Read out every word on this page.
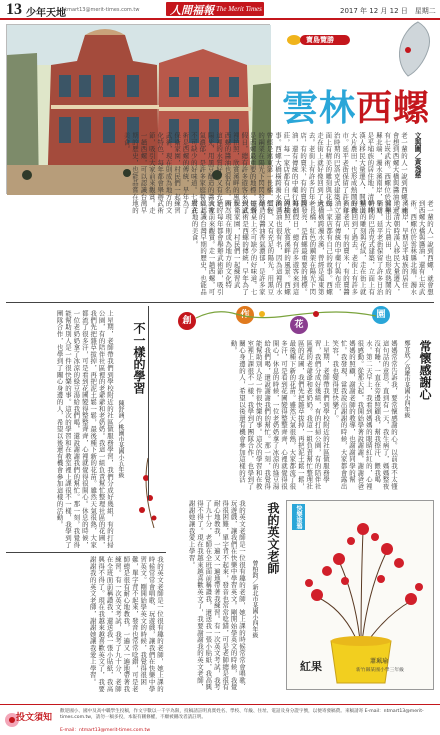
13 少年天地
ntmart13@merit-times.com.tw	人間福報 The Merit Times	2017 年 12 月 12 日　星期二
寶島覽勝
雲林西螺
文與圖／黃逸慈
老一輩的人一說到西螺，就會想到西螺大橋與醬油，還有七崁武術。西螺位於雲林縣北端，濁水溪南岸，早期是平埔族的居住地，清朝時漢人移民大量遷入，開墾出大片農田，也形成熱鬧的街市。延平老街保留了許多日治時期的巴洛克式建築，立面上有精美的雕刻與花紋，走在街上就好像回到了過去。老街上有許多百年老店，有的賣米，有的賣醬油，還有傳統的中藥行與布莊，每一家店都有自己的故事。西螺大橋橫跨濁水溪，曾經是遠東第一長橋，紅色的鋼架在陽光下閃閃發亮，是西螺最重要的地標。每到假日，總有許多遊客來到這裡拍照，欣賞溪畔的風景。西螺的醬油也很有名，因為這裡的水質好，又有充足的陽光，用黑豆釀造的醬油香氣濃郁，是許多家庭餐桌上不可缺少的好味道。七崁武術是西螺的傳統，早年為了保衛家園，村民們一起練習武術，現在則成為地方的文化特色，每年都會舉辦武術節，吸引大家前來觀賞。走一趟西螺，可以認識台灣早期的歷史，也能品嘗在地的美食。
老一輩的人一說到西螺，就會想到西螺大橋與醬油，還有七崁武術。西螺位於雲林縣北端，濁水溪南岸，早期是平埔族的居住地，清朝時漢人移民大量遷入，開墾出大片農田，也形成熱鬧的街市。延平老街保留了許多日治時期的巴洛克式建築，立面上有精美的雕刻與花紋，走在街上就好像回到了過去。老街上有許多百年老店，有的賣米，有的賣醬油，還有傳統的中藥行與布莊，每一家店都有自己的故事。西螺大橋橫跨濁水溪，曾經是遠東第一長橋，紅色的鋼架在陽光下閃閃發亮，是西螺最重要的地標。每到假日，總有許多遊客來到這裡拍照，欣賞溪畔的風景。西螺的醬油也很有名，因為這裡的水質好，又有充足的陽光，用黑豆釀造的醬油香氣濃郁，是許多家庭餐桌上不可缺少的好味道。七崁武術是西螺的傳統，早年為了保衛家園，村民們一起練習武術，現在則成為地方的文化特色，每年都會舉辦武術節，吸引大家前來觀賞。走一趟西螺，可以認識台灣早期的歷史，也能品嘗在地的美食。
創
作
花
園
常懷感謝心
鄭宜欣／高雄市某國小四年級
媽媽常常告訴我，要常懷感謝的心。以前我不太懂這句話的意思，直到有一天，我生病了，媽媽整夜沒有睡，一直在旁邊照顧我，幫我擦汗、餵我喝水。第二天早上，我看到媽媽的眼睛紅紅的，心裡很感動。從那天起，我開始學著說謝謝，謝謝爸爸媽媽的照顧，謝謝老師的教導，也謝謝同學的幫忙。我發現，當我說出謝謝的時候，大家都會露出笑容，我也變得更快樂了。
上星期，老師帶我們到學校附近的社區做服務學習，我們分成好幾組，有的打掃公園，有的陪伴社區裡的老爺爺和老奶奶。我這一組負責幫忙整理社區的花圃，我們先把雜草拔掉，再把泥土鬆一鬆，最後種下新的花苗。雖然天氣很熱，大家都流了很多汗，可是看到花圃變得整整齊齊，心裡就覺得很開心。休息的時候，一位老奶奶拿了冰涼的綠豆湯給我們喝，還說謝謝我們的幫忙。那一刻，我覺得能幫助別人是一件很快樂的事。這次的學習和在教室裡上課很不一樣，我學到了團隊合作，也學到了關心身邊的人，希望以後還有機會參加這樣的活動。
不一樣的學習
陳舒涵／桃園市某國小五年級
上星期，老師帶我們到學校附近的社區做服務學習，我們分成好幾組，有的打掃公園，有的陪伴社區裡的老爺爺和老奶奶。我這一組負責幫忙整理社區的花圃，我們先把雜草拔掉，再把泥土鬆一鬆，最後種下新的花苗。雖然天氣很熱，大家都流了很多汗，可是看到花圃變得整整齊齊，心裡就覺得很開心。休息的時候，一位老奶奶拿了冰涼的綠豆湯給我們喝，還說謝謝我們的幫忙。那一刻，我覺得能幫助別人是一件很快樂的事。這次的學習和在教室裡上課很不一樣，我學到了團隊合作，也學到了關心身邊的人，希望以後還有機會參加這樣的活動。
我的英文老師
曾柏鈞／新北市某國小四年級
我的英文老師是一位很有趣的老師，她上課的時候常常會唱歌、玩遊戲，讓我們在快樂中學習英文。剛開始學英文的時候，我覺得很困難，單字背不起來，發音也常常唸錯，可是老師總是很有耐心地教我，一遍又一遍地帶著我練習。有一次英文考試，我考了九十分，老師在全班面前稱讚我，還送我一張小貼紙，我高興得不得了。現在我越來越喜歡英文了，我要謝謝我的英文老師，謝謝她讓我愛上學習。
我的英文老師是一位很有趣的老師，她上課的時候常常會唱歌、玩遊戲，讓我們在快樂中學習英文。剛開始學英文的時候，我覺得很困難，單字背不起來，發音也常常唸錯，可是老師總是很有耐心地教我，一遍又一遍地帶著我練習。有一次英文考試，我考了九十分，老師在全班面前稱讚我，還送我一張小貼紙，我高興得不得了。現在我越來越喜歡英文了，我要謝謝我的英文老師，謝謝她讓我愛上學習。
快樂塗鴉
紅果	蕭珮瑜
新竹縣某國小學三年級
投文須知
歡迎國小、國中及高中職學生投稿，作文字數以一千字為限，投稿請註明真實姓名、學校、年級、住址、電話及身分證字號，以便寄發稿費。來稿請寄 E-mail：ntmart13@merit-times.com.tw，請勿一稿多投，本報有刪修權，不願被刪改者請註明。
E-mail：ntmart13@merit-times.com.tw
